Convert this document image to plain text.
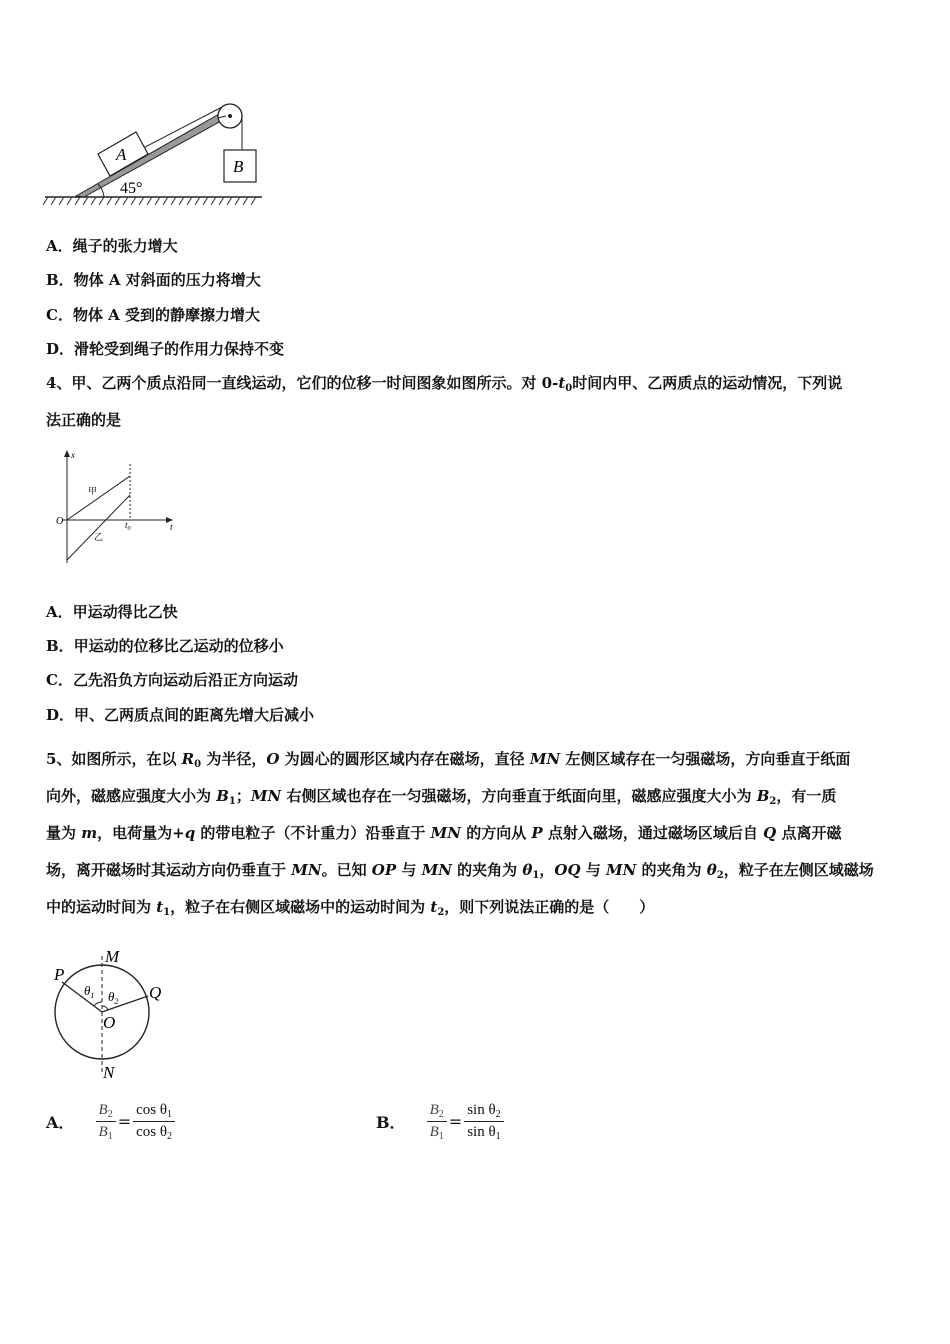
A
B
45°
A．绳子的张力增大
B．物体 A 对斜面的压力将增大
C．物体 A 受到的静摩擦力增大
D．滑轮受到绳子的作用力保持不变
4、甲、乙两个质点沿同一直线运动，它们的位移一时间图象如图所示。对 $0-t_0$时间内甲、乙两质点的运动情况，下列说
法正确的是
x
t
O
甲
乙
$t_0$
A．甲运动得比乙快
B．甲运动的位移比乙运动的位移小
C．乙先沿负方向运动后沿正方向运动
D．甲、乙两质点间的距离先增大后减小

5、如图所示，在以 $R_0$ 为半径，O 为圆心的圆形区域内存在磁场，直径 MN 左侧区域存在一匀强磁场，方向垂直于纸面

向外，磁感应强度大小为 $B_1$；MN 右侧区域也存在一匀强磁场，方向垂直于纸面向里，磁感应强度大小为 $B_2$，有一质

量为 m，电荷量为+q 的带电粒子（不计重力）沿垂直于 MN 的方向从 P 点射入磁场，通过磁场区域后自 Q 点离开磁

场，离开磁场时其运动方向仍垂直于 MN。已知 OP 与 MN 的夹角为 $\theta_1$，OQ 与 MN 的夹角为 $\theta_2$，粒子在左侧区域磁场

中的运动时间为 $t_1$，粒子在右侧区域磁场中的运动时间为 $t_2$，则下列说法正确的是（　　）

M
N
P
Q
O
$\theta_1$ $\theta_2$
A． $\frac{B_2}{B_1} = \frac{\cos \theta_1}{\cos \theta_2}$	B． $\frac{B_2}{B_1} = \frac{\sin \theta_2}{\sin \theta_1}$
